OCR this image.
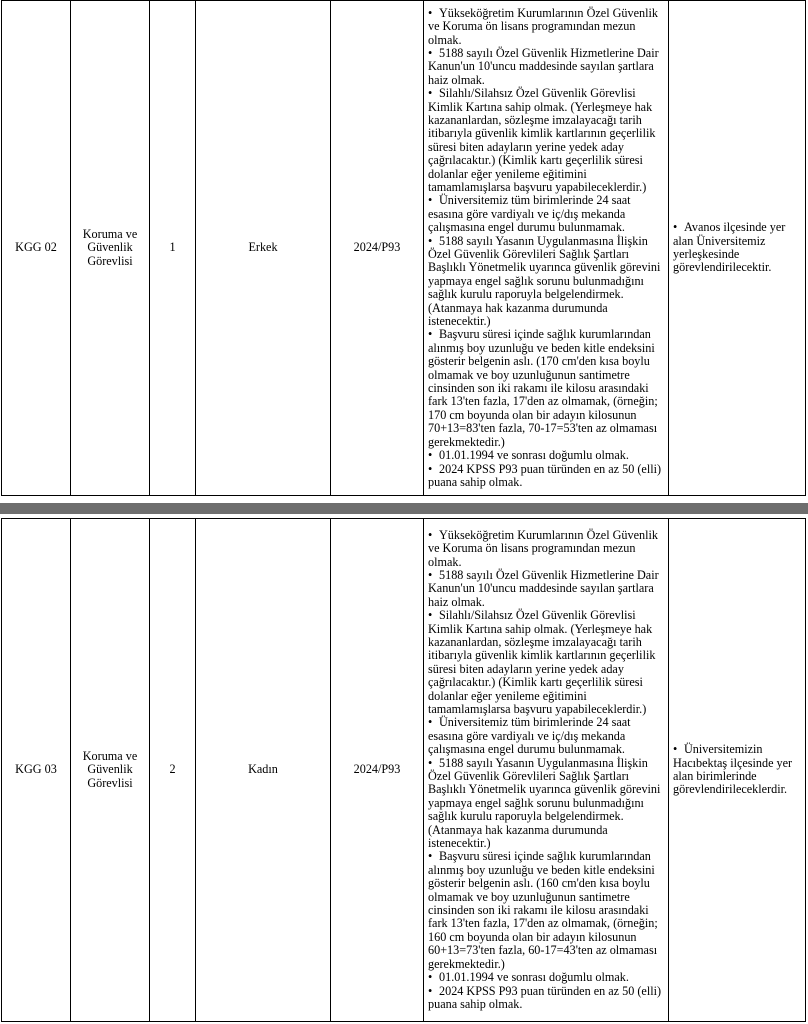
KGG 02	Koruma ve Güvenlik Görevlisi	1	Erkek	2024/P93	
• Yükseköğretim Kurumlarının Özel Güvenlik ve Koruma ön lisans programından mezun olmak.
• 5188 sayılı Özel Güvenlik Hizmetlerine Dair Kanun'un 10'uncu maddesinde sayılan şartlara haiz olmak.
• Silahlı/Silahsız Özel Güvenlik Görevlisi Kimlik Kartına sahip olmak. (Yerleşmeye hak kazananlardan, sözleşme imzalayacağı tarih itibarıyla güvenlik kimlik kartlarının geçerlilik süresi biten adayların yerine yedek aday çağrılacaktır.) (Kimlik kartı geçerlilik süresi dolanlar eğer yenileme eğitimini tamamlamışlarsa başvuru yapabileceklerdir.)
• Üniversitemiz tüm birimlerinde 24 saat esasına göre vardiyalı ve iç/dış mekanda çalışmasına engel durumu bulunmamak.
• 5188 sayılı Yasanın Uygulanmasına İlişkin Özel Güvenlik Görevlileri Sağlık Şartları Başlıklı Yönetmelik uyarınca güvenlik görevini yapmaya engel sağlık sorunu bulunmadığını sağlık kurulu raporuyla belgelendirmek. (Atanmaya hak kazanma durumunda istenecektir.)
• Başvuru süresi içinde sağlık kurumlarından alınmış boy uzunluğu ve beden kitle endeksini gösterir belgenin aslı. (170 cm'den kısa boylu olmamak ve boy uzunluğunun santimetre cinsinden son iki rakamı ile kilosu arasındaki fark 13'ten fazla, 17'den az olmamak, (örneğin; 170 cm boyunda olan bir adayın kilosunun 70+13=83'ten fazla, 70-17=53'ten az olmaması gerekmektedir.)
• 01.01.1994 ve sonrası doğumlu olmak.
• 2024 KPSS P93 puan türünden en az 50 (elli) puana sahip olmak.
	• Avanos ilçesinde yer alan Üniversitemiz yerleşkesinde görevlendirilecektir.
KGG 03	Koruma ve Güvenlik Görevlisi	2	Kadın	2024/P93	
• Yükseköğretim Kurumlarının Özel Güvenlik ve Koruma ön lisans programından mezun olmak.
• 5188 sayılı Özel Güvenlik Hizmetlerine Dair Kanun'un 10'uncu maddesinde sayılan şartlara haiz olmak.
• Silahlı/Silahsız Özel Güvenlik Görevlisi Kimlik Kartına sahip olmak. (Yerleşmeye hak kazananlardan, sözleşme imzalayacağı tarih itibarıyla güvenlik kimlik kartlarının geçerlilik süresi biten adayların yerine yedek aday çağrılacaktır.) (Kimlik kartı geçerlilik süresi dolanlar eğer yenileme eğitimini tamamlamışlarsa başvuru yapabileceklerdir.)
• Üniversitemiz tüm birimlerinde 24 saat esasına göre vardiyalı ve iç/dış mekanda çalışmasına engel durumu bulunmamak.
• 5188 sayılı Yasanın Uygulanmasına İlişkin Özel Güvenlik Görevlileri Sağlık Şartları Başlıklı Yönetmelik uyarınca güvenlik görevini yapmaya engel sağlık sorunu bulunmadığını sağlık kurulu raporuyla belgelendirmek. (Atanmaya hak kazanma durumunda istenecektir.)
• Başvuru süresi içinde sağlık kurumlarından alınmış boy uzunluğu ve beden kitle endeksini gösterir belgenin aslı. (160 cm'den kısa boylu olmamak ve boy uzunluğunun santimetre cinsinden son iki rakamı ile kilosu arasındaki fark 13'ten fazla, 17'den az olmamak, (örneğin; 160 cm boyunda olan bir adayın kilosunun 60+13=73'ten fazla, 60-17=43'ten az olmaması gerekmektedir.)
• 01.01.1994 ve sonrası doğumlu olmak.
• 2024 KPSS P93 puan türünden en az 50 (elli) puana sahip olmak.
	• Üniversitemizin Hacıbektaş ilçesinde yer alan birimlerinde görevlendirileceklerdir.
